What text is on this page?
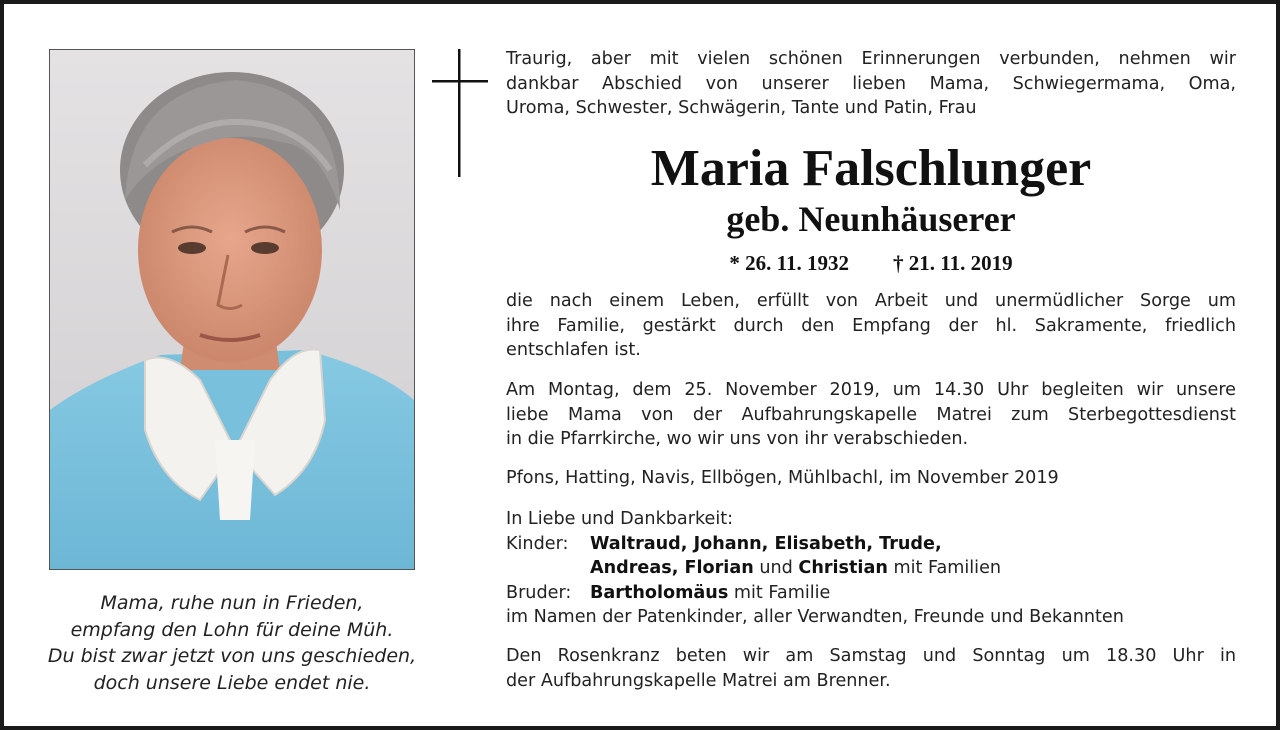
Mama, ruhe nun in Frieden,
empfang den Lohn für deine Müh.
Du bist zwar jetzt von uns geschieden,
doch unsere Liebe endet nie.
Traurig, aber mit vielen schönen Erinnerungen verbunden, nehmen wir
dankbar Abschied von unserer lieben Mama, Schwiegermama, Oma,
Uroma, Schwester, Schwägerin, Tante und Patin, Frau
Maria Falschlunger
geb. Neunhäuserer
* 26. 11. 1932 † 21. 11. 2019
die nach einem Leben, erfüllt von Arbeit und unermüdlicher Sorge um
ihre Familie, gestärkt durch den Empfang der hl. Sakramente, friedlich
entschlafen ist.
Am Montag, dem 25. November 2019, um 14.30 Uhr begleiten wir unsere
liebe Mama von der Aufbahrungskapelle Matrei zum Sterbegottesdienst
in die Pfarrkirche, wo wir uns von ihr verabschieden.
Pfons, Hatting, Navis, Ellbögen, Mühlbachl, im November 2019
In Liebe und Dankbarkeit:
Kinder: Waltraud, Johann, Elisabeth, Trude,
Andreas, Florian und Christian mit Familien
Bruder: Bartholomäus mit Familie
im Namen der Patenkinder, aller Verwandten, Freunde und Bekannten
Den Rosenkranz beten wir am Samstag und Sonntag um 18.30 Uhr in
der Aufbahrungskapelle Matrei am Brenner.
